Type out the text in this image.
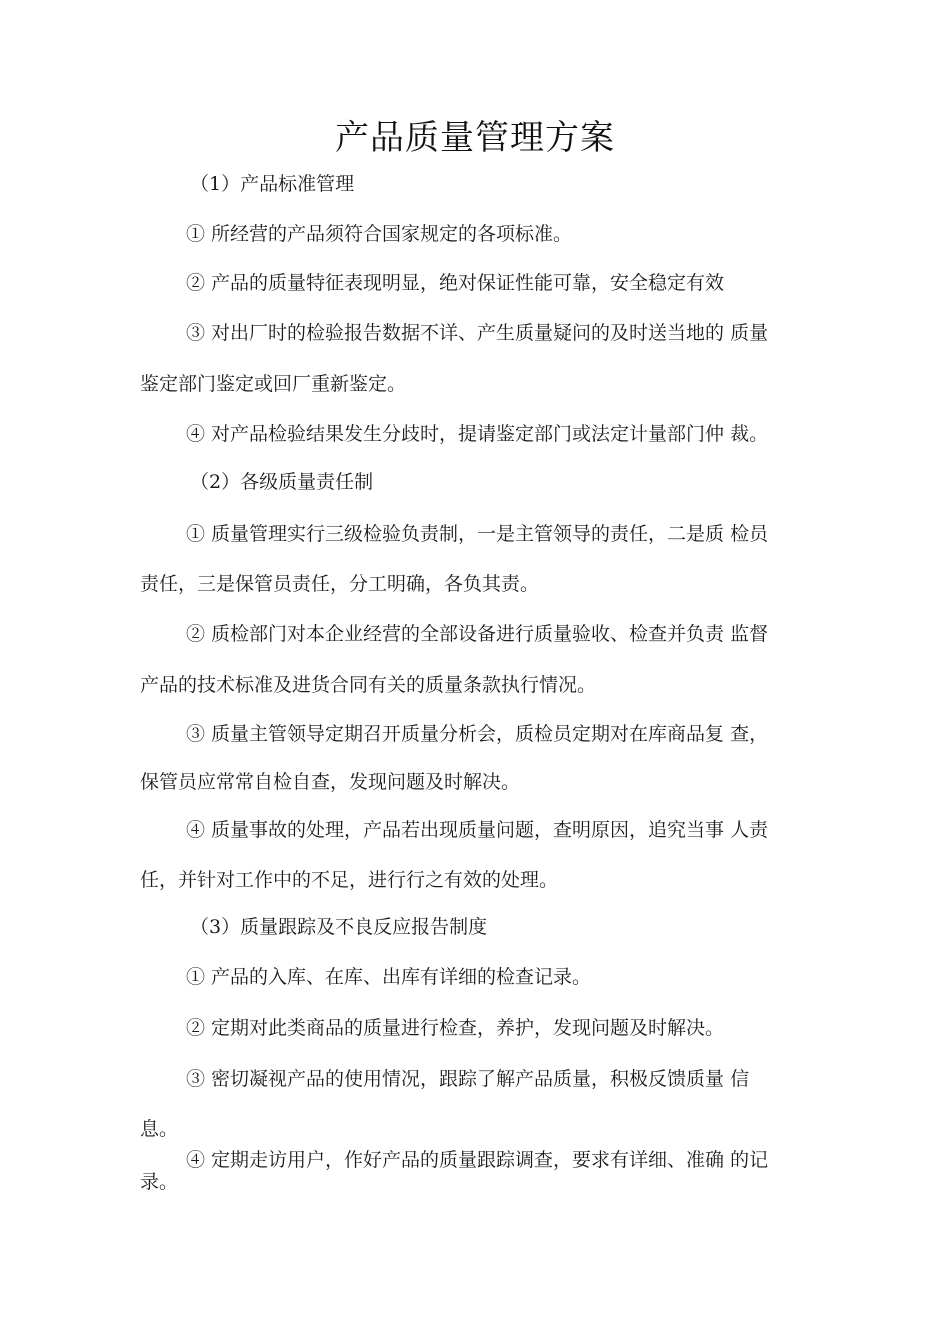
产品质量管理方案
（1）产品标准管理
① 所经营的产品须符合国家规定的各项标准。
② 产品的质量特征表现明显，绝对保证性能可靠，安全稳定有效
③ 对出厂时的检验报告数据不详、产生质量疑问的及时送当地的 质量
鉴定部门鉴定或回厂重新鉴定。
④ 对产品检验结果发生分歧时，提请鉴定部门或法定计量部门仲 裁。
（2）各级质量责任制
① 质量管理实行三级检验负责制，一是主管领导的责任，二是质 检员
责任，三是保管员责任，分工明确，各负其责。
② 质检部门对本企业经营的全部设备进行质量验收、检查并负责 监督
产品的技术标准及进货合同有关的质量条款执行情况。
③ 质量主管领导定期召开质量分析会，质检员定期对在库商品复 查，
保管员应常常自检自查，发现问题及时解决。
④ 质量事故的处理，产品若出现质量问题，查明原因，追究当事 人责
任，并针对工作中的不足，进行行之有效的处理。
（3）质量跟踪及不良反应报告制度
① 产品的入库、在库、出库有详细的检查记录。
② 定期对此类商品的质量进行检查，养护，发现问题及时解决。
③ 密切凝视产品的使用情况，跟踪了解产品质量，积极反馈质量 信
息。
④ 定期走访用户，作好产品的质量跟踪调查，要求有详细、准确 的记
录。
